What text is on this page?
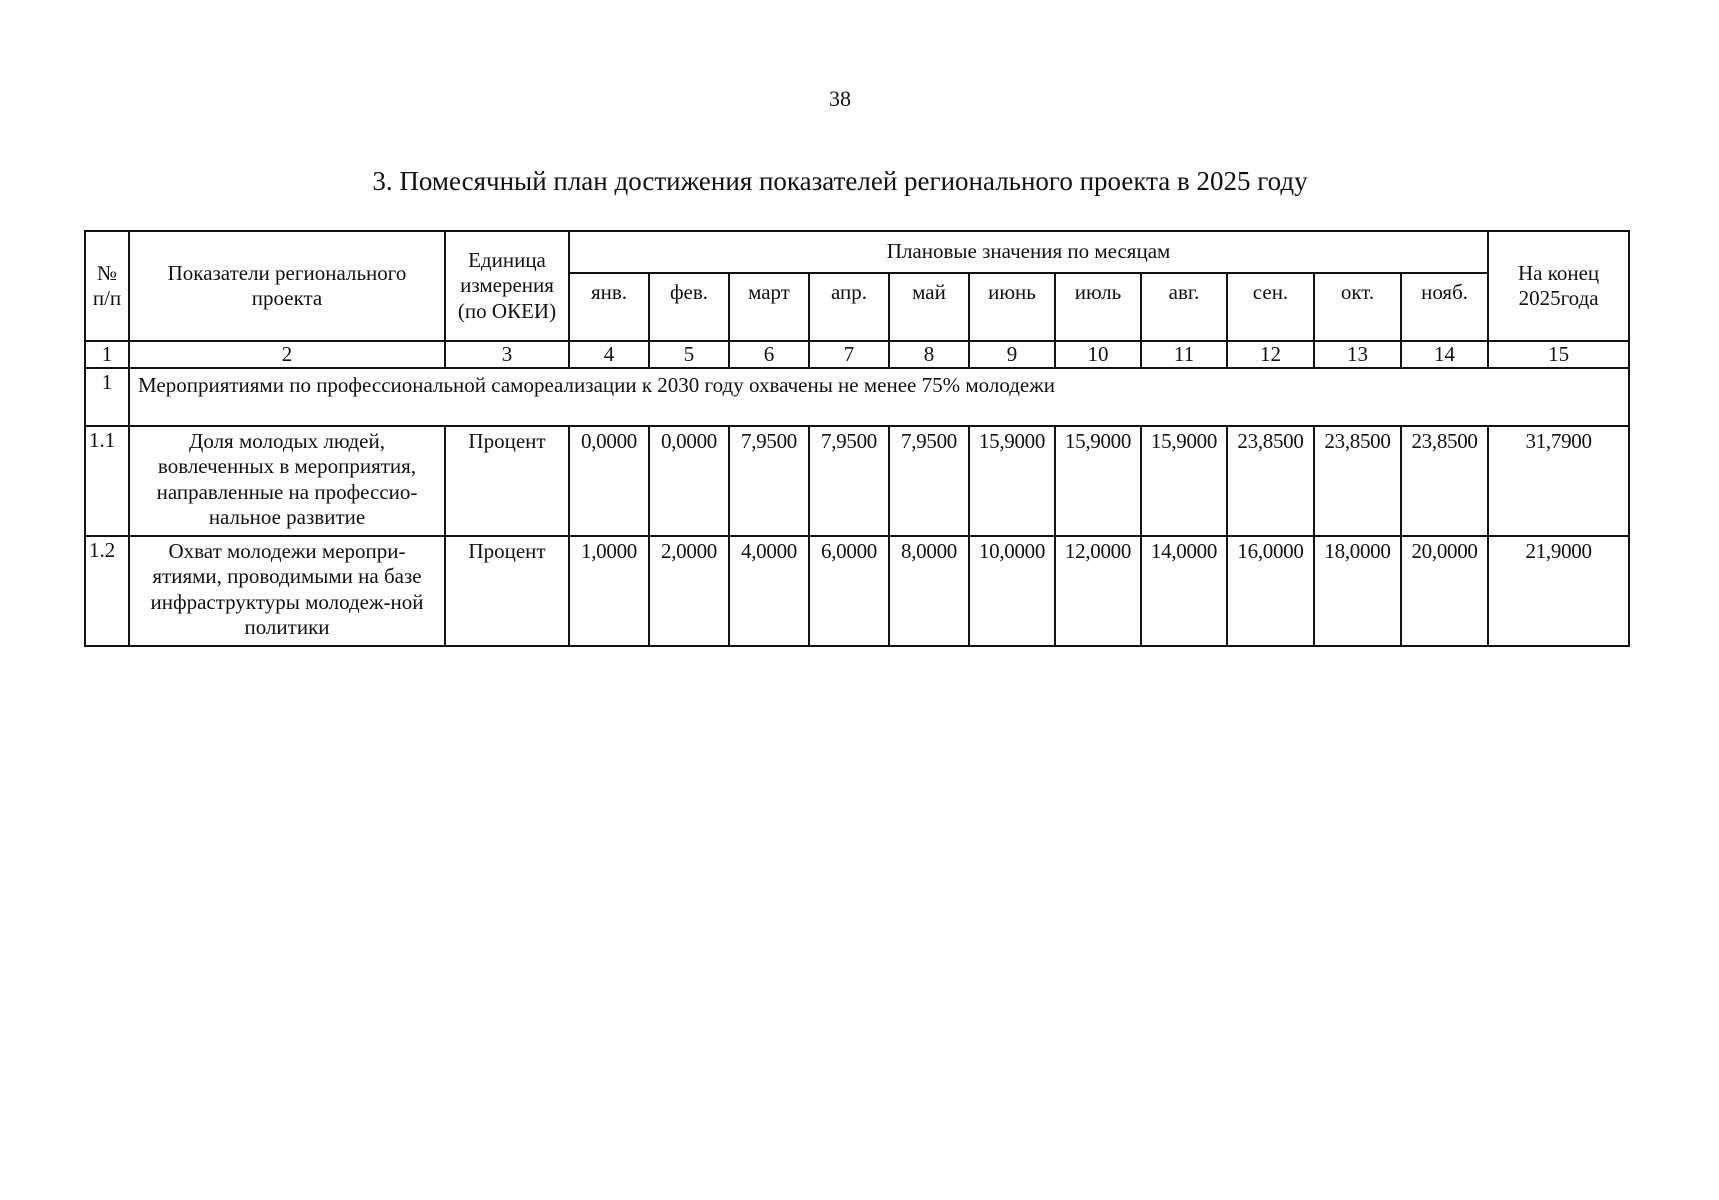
38
3. Помесячный план достижения показателей регионального проекта в 2025 году
№ п/п	Показатели регионального проекта	Единица измерения (по ОКЕИ)	Плановые значения по месяцам											На конец 2025года
			янв.	фев.	март	апр.	май	июнь	июль	авг.	сен.	окт.	нояб.	
1	2	3	4	5	6	7	8	9	10	11	12	13	14	15
1	Мероприятиями по профессиональной самореализации к 2030 году охвачены не менее 75% молодежи													
1.1	Доля молодых людей, вовлеченных в мероприятия, направленные на профессио-нальное развитие	Процент	0,0000	0,0000	7,9500	7,9500	7,9500	15,9000	15,9000	15,9000	23,8500	23,8500	23,8500	31,7900
1.2	Охват молодежи меропри-ятиями, проводимыми на базе инфраструктуры молодеж-ной политики	Процент	1,0000	2,0000	4,0000	6,0000	8,0000	10,0000	12,0000	14,0000	16,0000	18,0000	20,0000	21,9000
